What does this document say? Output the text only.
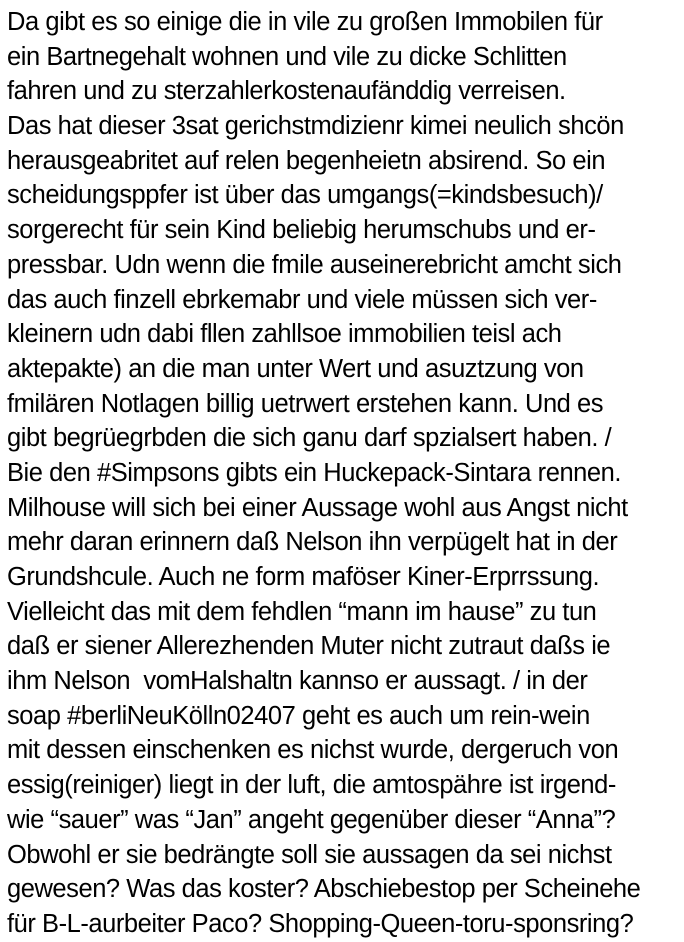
Da gibt es so einige die in vile zu großen Immobilen für
ein Bartnegehalt wohnen und vile zu dicke Schlitten
fahren und zu sterzahlerkostenaufänddig verreisen.
Das hat dieser 3sat gerichstmdizienr kimei neulich shcön
herausgeabritet auf relen begenheietn absirend. So ein
scheidungsppfer ist über das umgangs(=kindsbesuch)/
sorgerecht für sein Kind beliebig herumschubs und er-
pressbar. Udn wenn die fmile auseinerebricht amcht sich
das auch finzell ebrkemabr und viele müssen sich ver-
kleinern udn dabi fllen zahllsoe immobilien teisl ach
aktepakte) an die man unter Wert und asuztzung von
fmilären Notlagen billig uetrwert erstehen kann. Und es
gibt begrüegrbden die sich ganu darf spzialsert haben. /
Bie den #Simpsons gibts ein Huckepack-Sintara rennen.
Milhouse will sich bei einer Aussage wohl aus Angst nicht
mehr daran erinnern daß Nelson ihn verpügelt hat in der
Grundshcule. Auch ne form maföser Kiner-Erprrssung.
Vielleicht das mit dem fehdlen “mann im hause” zu tun
daß er siener Allerezhenden Muter nicht zutraut daßs ie
ihm Nelson  vomHalshaltn kannso er aussagt. / in der
soap #berliNeuKölln02407 geht es auch um rein-wein
mit dessen einschenken es nichst wurde, dergeruch von
essig(reiniger) liegt in der luft, die amtospähre ist irgend-
wie “sauer” was “Jan” angeht gegenüber dieser “Anna”?
Obwohl er sie bedrängte soll sie aussagen da sei nichst
gewesen? Was das koster? Abschiebestop per Scheinehe
für B-L-aurbeiter Paco? Shopping-Queen-toru-sponsring?
